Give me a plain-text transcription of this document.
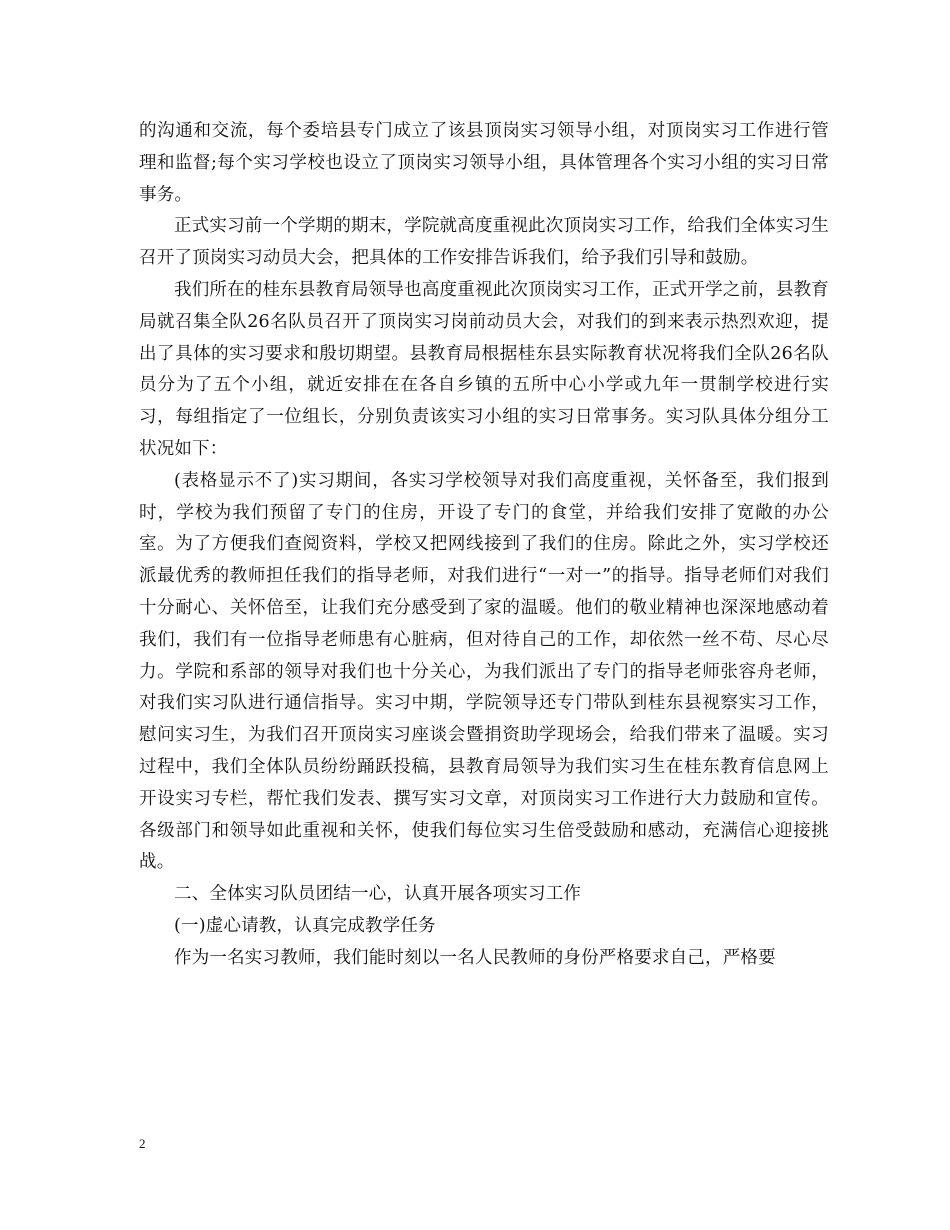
的沟通和交流，每个委培县专门成立了该县顶岗实习领导小组，对顶岗实习工作进行管理和监督;每个实习学校也设立了顶岗实习领导小组，具体管理各个实习小组的实习日常事务。

正式实习前一个学期的期末，学院就高度重视此次顶岗实习工作，给我们全体实习生召开了顶岗实习动员大会，把具体的工作安排告诉我们，给予我们引导和鼓励。

我们所在的桂东县教育局领导也高度重视此次顶岗实习工作，正式开学之前，县教育局就召集全队26名队员召开了顶岗实习岗前动员大会，对我们的到来表示热烈欢迎，提出了具体的实习要求和殷切期望。县教育局根据桂东县实际教育状况将我们全队26名队员分为了五个小组，就近安排在在各自乡镇的五所中心小学或九年一贯制学校进行实习，每组指定了一位组长，分别负责该实习小组的实习日常事务。实习队具体分组分工状况如下：

(表格显示不了)实习期间，各实习学校领导对我们高度重视，关怀备至，我们报到时，学校为我们预留了专门的住房，开设了专门的食堂，并给我们安排了宽敞的办公室。为了方便我们查阅资料，学校又把网线接到了我们的住房。除此之外，实习学校还派最优秀的教师担任我们的指导老师，对我们进行“一对一”的指导。指导老师们对我们十分耐心、关怀倍至，让我们充分感受到了家的温暖。他们的敬业精神也深深地感动着我们，我们有一位指导老师患有心脏病，但对待自己的工作，却依然一丝不苟、尽心尽力。学院和系部的领导对我们也十分关心，为我们派出了专门的指导老师张容舟老师，对我们实习队进行通信指导。实习中期，学院领导还专门带队到桂东县视察实习工作，慰问实习生，为我们召开顶岗实习座谈会暨捐资助学现场会，给我们带来了温暖。实习过程中，我们全体队员纷纷踊跃投稿，县教育局领导为我们实习生在桂东教育信息网上开设实习专栏，帮忙我们发表、撰写实习文章，对顶岗实习工作进行大力鼓励和宣传。各级部门和领导如此重视和关怀，使我们每位实习生倍受鼓励和感动，充满信心迎接挑战。

二、全体实习队员团结一心，认真开展各项实习工作

(一)虚心请教，认真完成教学任务

作为一名实习教师，我们能时刻以一名人民教师的身份严格要求自己，严格要

2
